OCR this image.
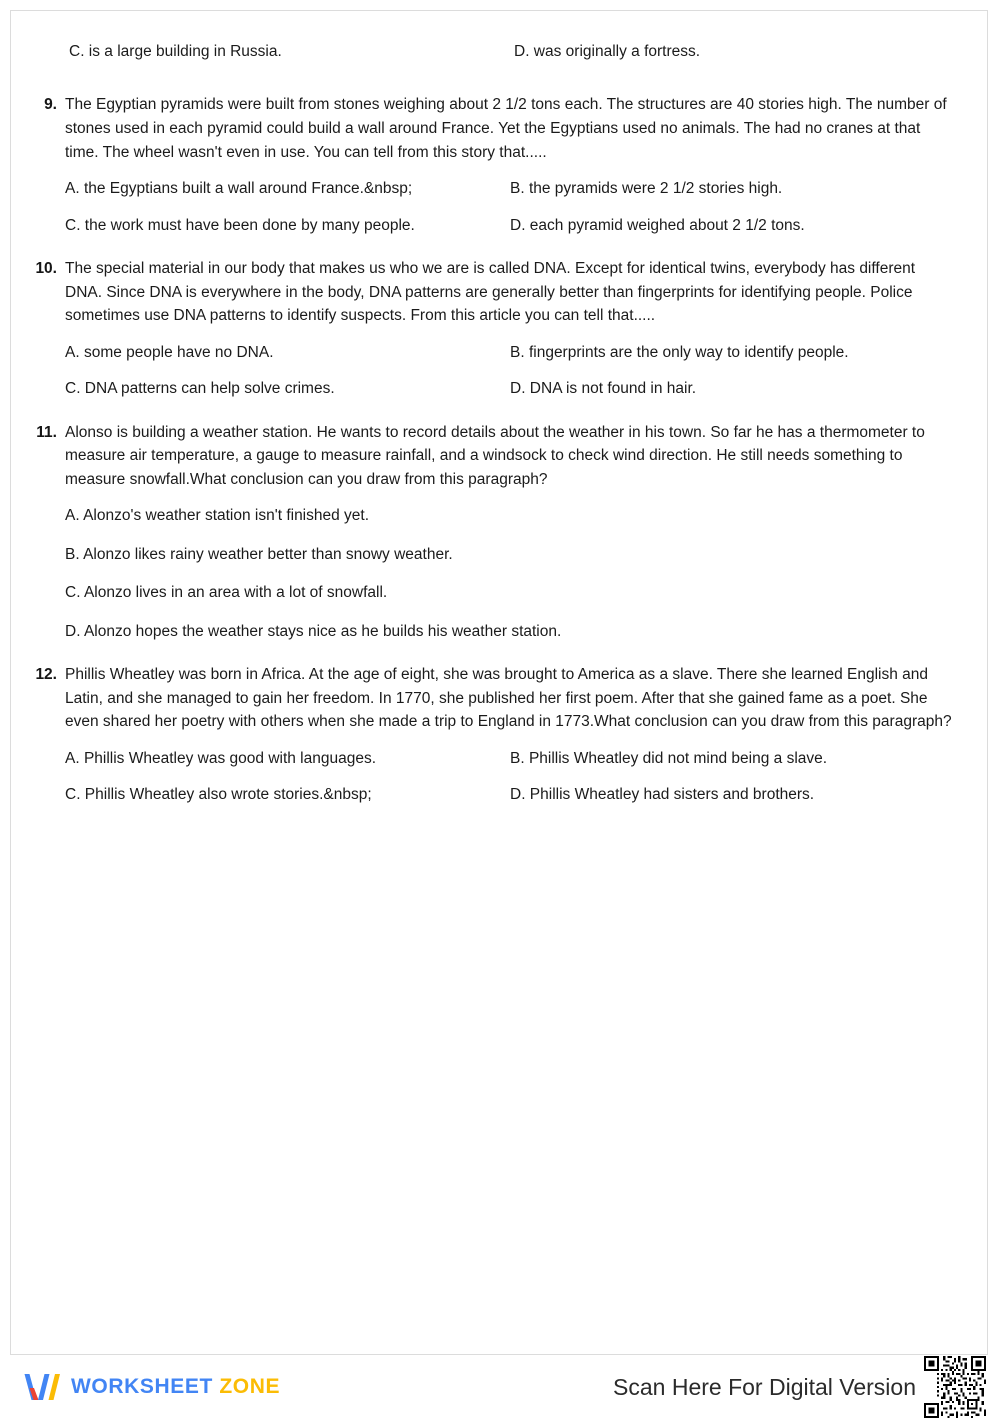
C. is a large building in Russia.	D. was originally a fortress.
9. The Egyptian pyramids were built from stones weighing about 2 1/2 tons each. The structures are 40 stories high. The number of stones used in each pyramid could build a wall around France. Yet the Egyptians used no animals. The had no cranes at that time. The wheel wasn't even in use. You can tell from this story that.....

A. the Egyptians built a wall around France.&nbsp;	B. the pyramids were 2 1/2 stories high.
C. the work must have been done by many people.	D. each pyramid weighed about 2 1/2 tons.
10. The special material in our body that makes us who we are is called DNA. Except for identical twins, everybody has different DNA. Since DNA is everywhere in the body, DNA patterns are generally better than fingerprints for identifying people. Police sometimes use DNA patterns to identify suspects. From this article you can tell that.....

A. some people have no DNA.	B. fingerprints are the only way to identify people.
C. DNA patterns can help solve crimes.	D. DNA is not found in hair.
11. Alonso is building a weather station. He wants to record details about the weather in his town. So far he has a thermometer to measure air temperature, a gauge to measure rainfall, and a windsock to check wind direction. He still needs something to measure snowfall.What conclusion can you draw from this paragraph?

A. Alonzo's weather station isn't finished yet.
B. Alonzo likes rainy weather better than snowy weather.
C. Alonzo lives in an area with a lot of snowfall.
D. Alonzo hopes the weather stays nice as he builds his weather station.
12. Phillis Wheatley was born in Africa. At the age of eight, she was brought to America as a slave. There she learned English and Latin, and she managed to gain her freedom. In 1770, she published her first poem. After that she gained fame as a poet. She even shared her poetry with others when she made a trip to England in 1773.What conclusion can you draw from this paragraph?

A. Phillis Wheatley was good with languages.	B. Phillis Wheatley did not mind being a slave.
C. Phillis Wheatley also wrote stories.&nbsp;	D. Phillis Wheatley had sisters and brothers.
WORKSHEET ZONE	Scan Here For Digital Version
